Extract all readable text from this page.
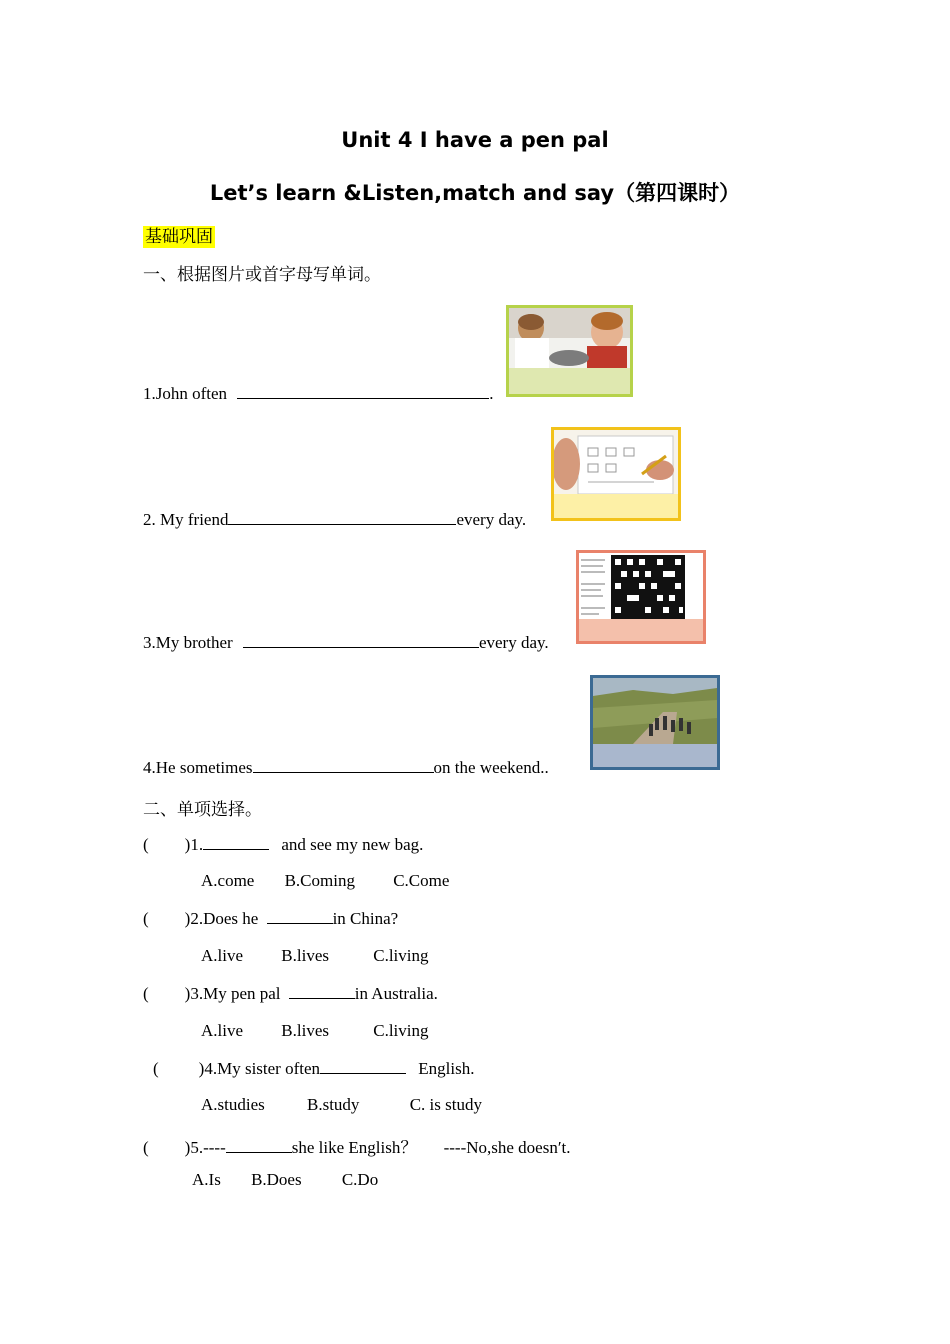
Unit 4 I have a pen pal
Let’s learn &Listen,match and say（第四课时）
基础巩固
一、根据图片或首字母写单词。
1.John often	.
2. My friend	every day.
3.My brother	every day.
4.He sometimes	on the weekend..
二、单项选择。
( )1.	and see my new bag.
A.come B.Coming C.Come
( )2.Does he	in China?
A.live B.lives	C.living
( )3.My pen pal	in Australia.
A.live B.lives	C.living
( )4.My sister often	English.
A.studies B.study	C. is study
( )5.----	she like English？ ----No,she doesn′t.
A.Is B.Does C.Do
